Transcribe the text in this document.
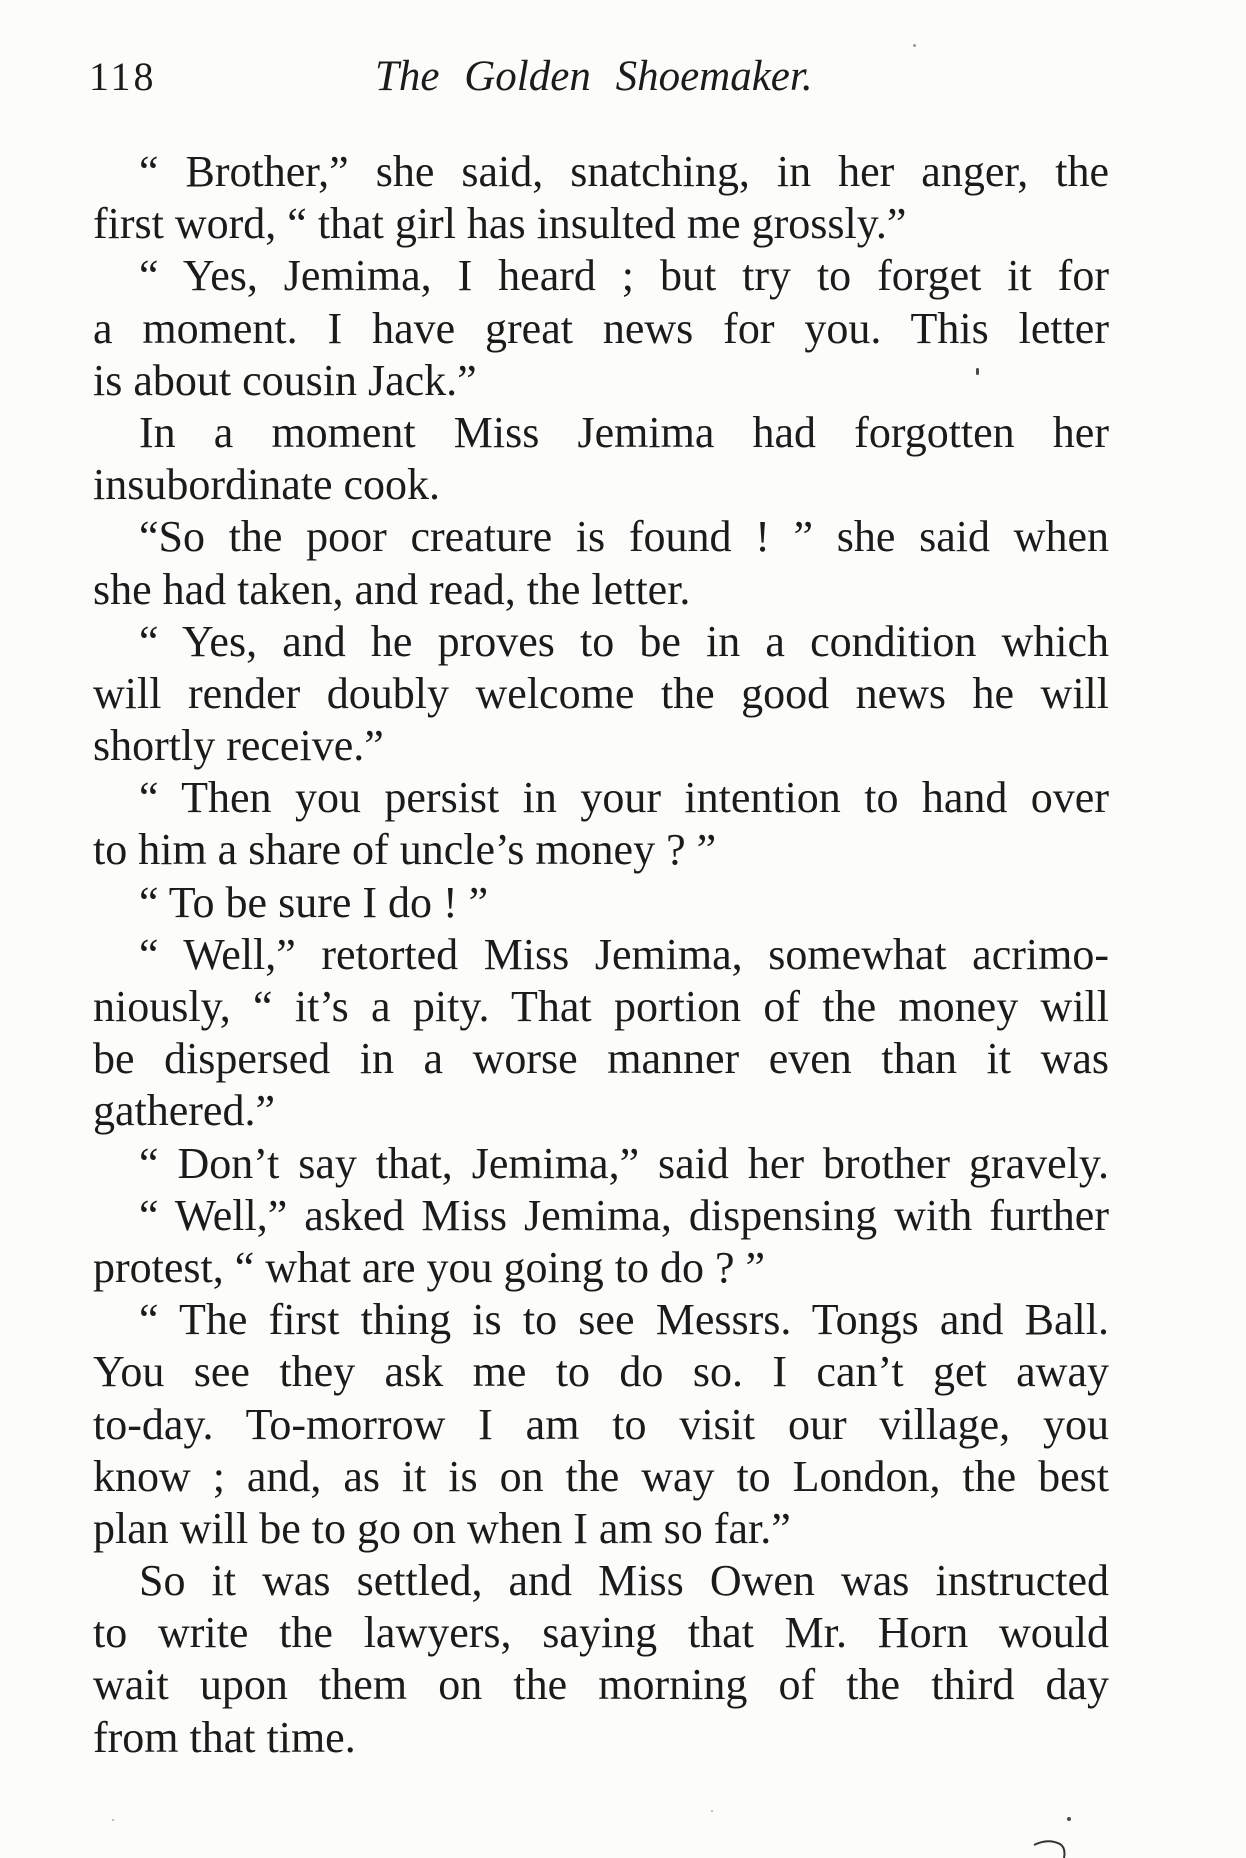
118	The Golden Shoemaker.
“ Brother,” she said, snatching, in her anger, the
first word, “ that girl has insulted me grossly.”
“ Yes, Jemima, I heard ; but try to forget it for
a moment. I have great news for you. This letter
is about cousin Jack.”
In a moment Miss Jemima had forgotten her
insubordinate cook.
“So the poor creature is found ! ” she said when
she had taken, and read, the letter.
“ Yes, and he proves to be in a condition which
will render doubly welcome the good news he will
shortly receive.”
“ Then you persist in your intention to hand over
to him a share of uncle’s money ? ”
“ To be sure I do ! ”
“ Well,” retorted Miss Jemima, somewhat acrimo-
niously, “ it’s a pity. That portion of the money will
be dispersed in a worse manner even than it was
gathered.”
“ Don’t say that, Jemima,” said her brother gravely.
“ Well,” asked Miss Jemima, dispensing with further
protest, “ what are you going to do ? ”
“ The first thing is to see Messrs. Tongs and Ball.
You see they ask me to do so. I can’t get away
to-day. To-morrow I am to visit our village, you
know ; and, as it is on the way to London, the best
plan will be to go on when I am so far.”
So it was settled, and Miss Owen was instructed
to write the lawyers, saying that Mr. Horn would
wait upon them on the morning of the third day
from that time.
